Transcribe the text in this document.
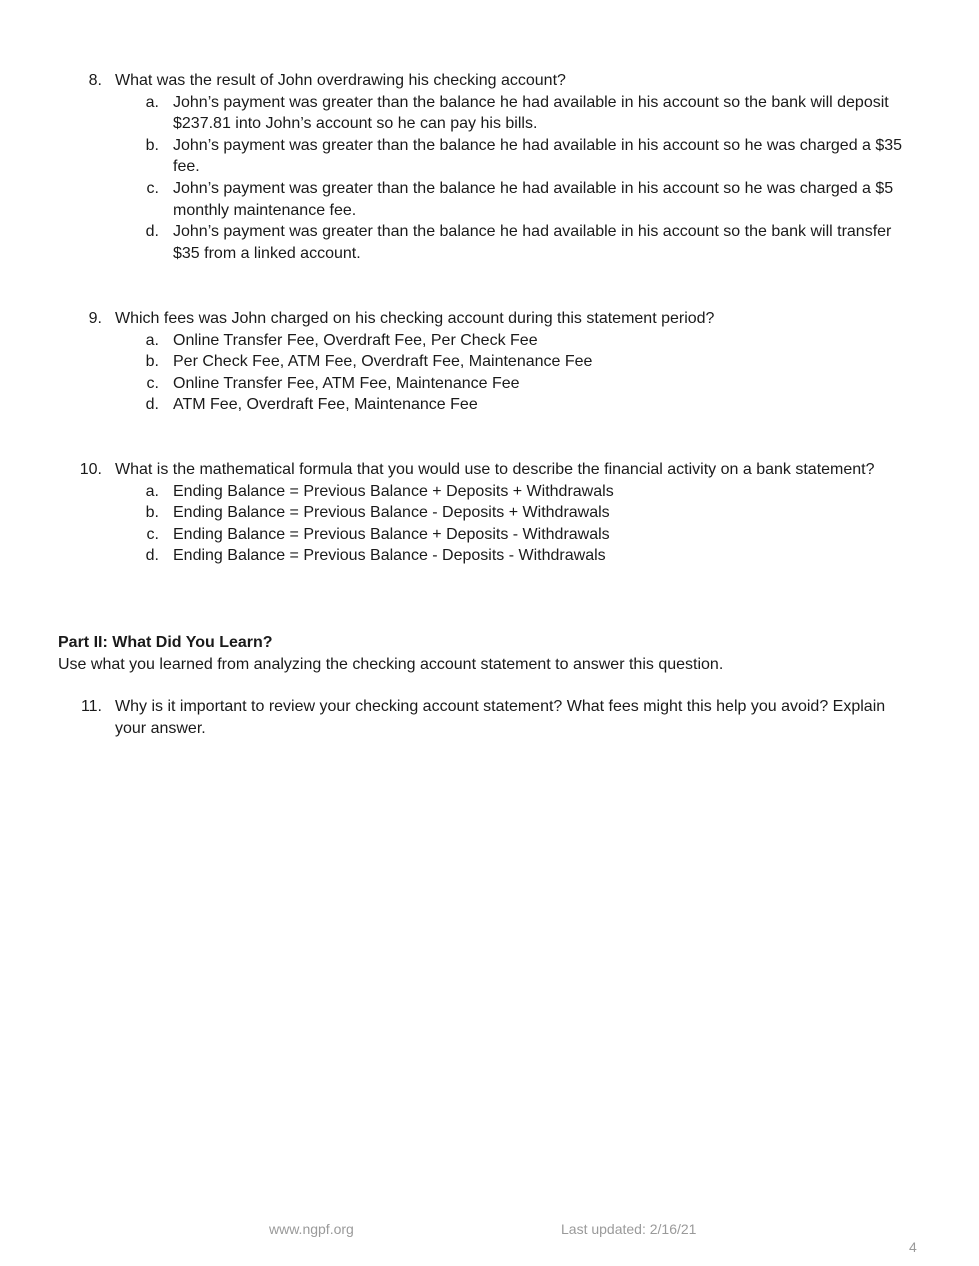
8. What was the result of John overdrawing his checking account?
a. John’s payment was greater than the balance he had available in his account so the bank will deposit $237.81 into John’s account so he can pay his bills.
b. John’s payment was greater than the balance he had available in his account so he was charged a $35 fee.
c. John’s payment was greater than the balance he had available in his account so he was charged a $5 monthly maintenance fee.
d. John’s payment was greater than the balance he had available in his account so the bank will transfer $35 from a linked account.
9. Which fees was John charged on his checking account during this statement period?
a. Online Transfer Fee, Overdraft Fee, Per Check Fee
b. Per Check Fee, ATM Fee, Overdraft Fee, Maintenance Fee
c. Online Transfer Fee, ATM Fee, Maintenance Fee
d. ATM Fee, Overdraft Fee, Maintenance Fee
10. What is the mathematical formula that you would use to describe the financial activity on a bank statement?
a. Ending Balance = Previous Balance + Deposits + Withdrawals
b. Ending Balance = Previous Balance - Deposits + Withdrawals
c. Ending Balance = Previous Balance + Deposits - Withdrawals
d. Ending Balance = Previous Balance - Deposits - Withdrawals
Part II: What Did You Learn?
Use what you learned from analyzing the checking account statement to answer this question.
11. Why is it important to review your checking account statement? What fees might this help you avoid? Explain your answer.
www.ngpf.org	Last updated: 2/16/21
4
